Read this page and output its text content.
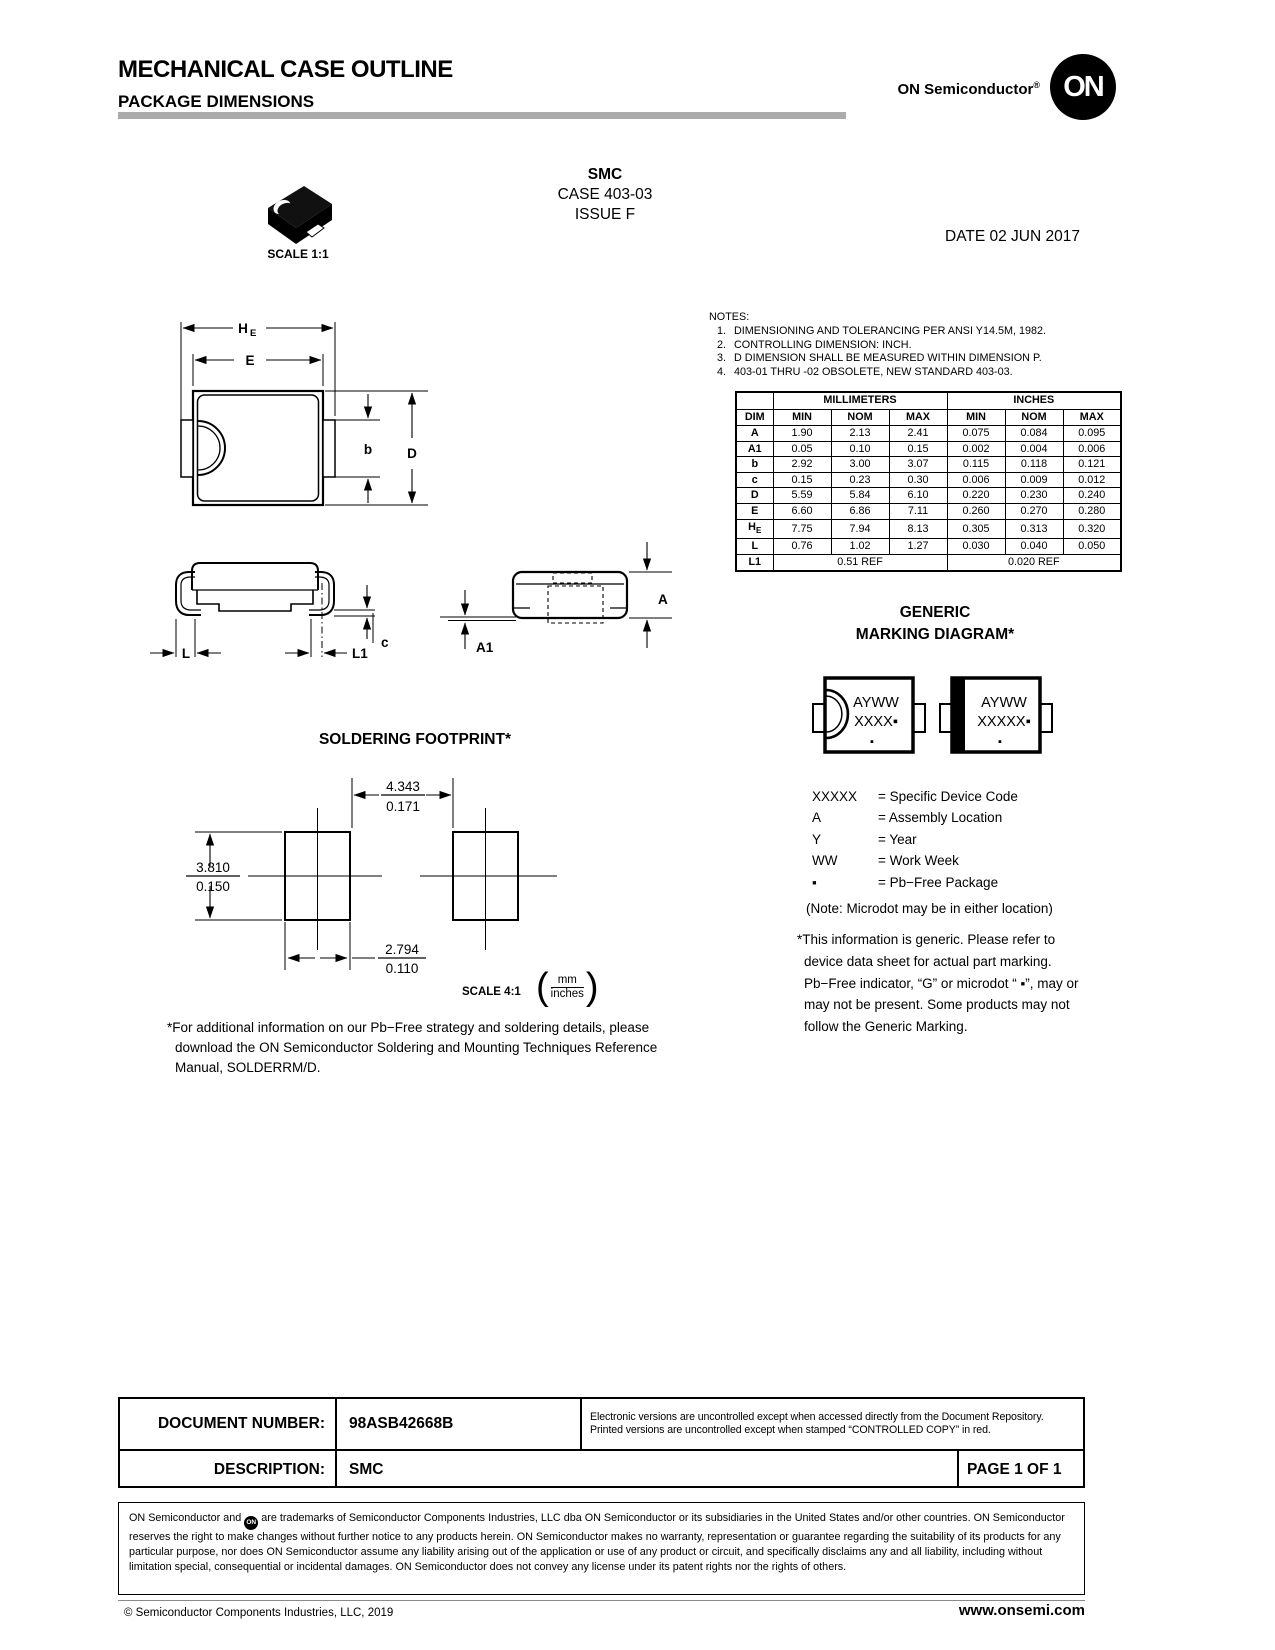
MECHANICAL CASE OUTLINE
PACKAGE DIMENSIONS
ON Semiconductor® ON
SCALE 1:1
SMC
CASE 403-03
ISSUE F
DATE 02 JUN 2017
H E
E
b	D
L	L1
c
A
A1
NOTES:
1. DIMENSIONING AND TOLERANCING PER ANSI Y14.5M, 1982.
2. CONTROLLING DIMENSION: INCH.
3. D DIMENSION SHALL BE MEASURED WITHIN DIMENSION P.
4. 403-01 THRU -02 OBSOLETE, NEW STANDARD 403-03.
	MILLIMETERS			INCHES		
DIM	MIN	NOM	MAX	MIN	NOM	MAX
A	1.90	2.13	2.41	0.075	0.084	0.095
A1	0.05	0.10	0.15	0.002	0.004	0.006
b	2.92	3.00	3.07	0.115	0.118	0.121
c	0.15	0.23	0.30	0.006	0.009	0.012
D	5.59	5.84	6.10	0.220	0.230	0.240
E	6.60	6.86	7.11	0.260	0.270	0.280
$H_E$	7.75	7.94	8.13	0.305	0.313	0.320
L	0.76	1.02	1.27	0.030	0.040	0.050
L1	0.51 REF			0.020 REF		
GENERIC
MARKING DIAGRAM*
AYWW
XXXX▪
▪
AYWW
XXXXX▪
▪
XXXXX = Specific Device Code
A	= Assembly Location
Y	= Year
WW	= Work Week
▪	= Pb−Free Package
(Note: Microdot may be in either location)
*This information is generic. Please refer to device data sheet for actual part marking. Pb−Free indicator, “G” or microdot “ ▪”, may or may not be present. Some products may not follow the Generic Marking.
SOLDERING FOOTPRINT*
4.343
0.171
3.810
0.150
2.794
0.110
SCALE 4:1 ( mm
inches )
*For additional information on our Pb−Free strategy and soldering details, please download the ON Semiconductor Soldering and Mounting Techniques Reference Manual, SOLDERRM/D.
DOCUMENT NUMBER:	98ASB42668B	Electronic versions are uncontrolled except when accessed directly from the Document Repository.
Printed versions are uncontrolled except when stamped “CONTROLLED COPY” in red.
DESCRIPTION:	SMC	PAGE 1 OF 1
ON Semiconductor and ON are trademarks of Semiconductor Components Industries, LLC dba ON Semiconductor or its subsidiaries in the United States and/or other countries. ON Semiconductor reserves the right to make changes without further notice to any products herein. ON Semiconductor makes no warranty, representation or guarantee regarding the suitability of its products for any particular purpose, nor does ON Semiconductor assume any liability arising out of the application or use of any product or circuit, and specifically disclaims any and all liability, including without limitation special, consequential or incidental damages. ON Semiconductor does not convey any license under its patent rights nor the rights of others.
© Semiconductor Components Industries, LLC, 2019	www.onsemi.com
